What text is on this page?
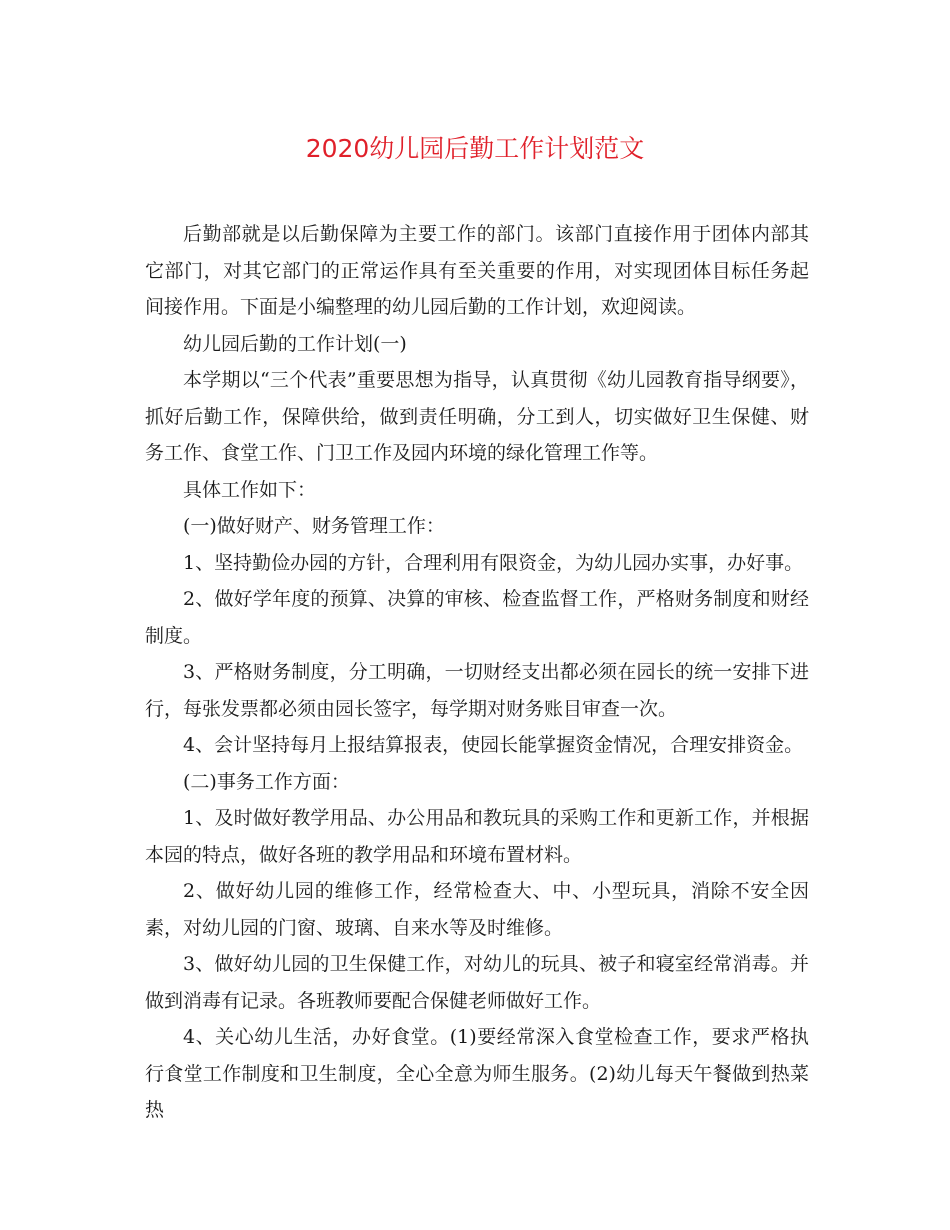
2020幼儿园后勤工作计划范文

后勤部就是以后勤保障为主要工作的部门。该部门直接作用于团体内部其它部门，对其它部门的正常运作具有至关重要的作用，对实现团体目标任务起间接作用。下面是小编整理的幼儿园后勤的工作计划，欢迎阅读。

幼儿园后勤的工作计划(一)

本学期以“三个代表”重要思想为指导，认真贯彻《幼儿园教育指导纲要》，抓好后勤工作，保障供给，做到责任明确，分工到人，切实做好卫生保健、财务工作、食堂工作、门卫工作及园内环境的绿化管理工作等。

具体工作如下：

(一)做好财产、财务管理工作：

1、坚持勤俭办园的方针，合理利用有限资金，为幼儿园办实事，办好事。

2、做好学年度的预算、决算的审核、检查监督工作，严格财务制度和财经制度。

3、严格财务制度，分工明确，一切财经支出都必须在园长的统一安排下进行，每张发票都必须由园长签字，每学期对财务账目审查一次。

4、会计坚持每月上报结算报表，使园长能掌握资金情况，合理安排资金。

(二)事务工作方面：

1、及时做好教学用品、办公用品和教玩具的采购工作和更新工作，并根据本园的特点，做好各班的教学用品和环境布置材料。

2、做好幼儿园的维修工作，经常检查大、中、小型玩具，消除不安全因素，对幼儿园的门窗、玻璃、自来水等及时维修。

3、做好幼儿园的卫生保健工作，对幼儿的玩具、被子和寝室经常消毒。并做到消毒有记录。各班教师要配合保健老师做好工作。

4、关心幼儿生活，办好食堂。(1)要经常深入食堂检查工作，要求严格执行食堂工作制度和卫生制度，全心全意为师生服务。(2)幼儿每天午餐做到热菜热
